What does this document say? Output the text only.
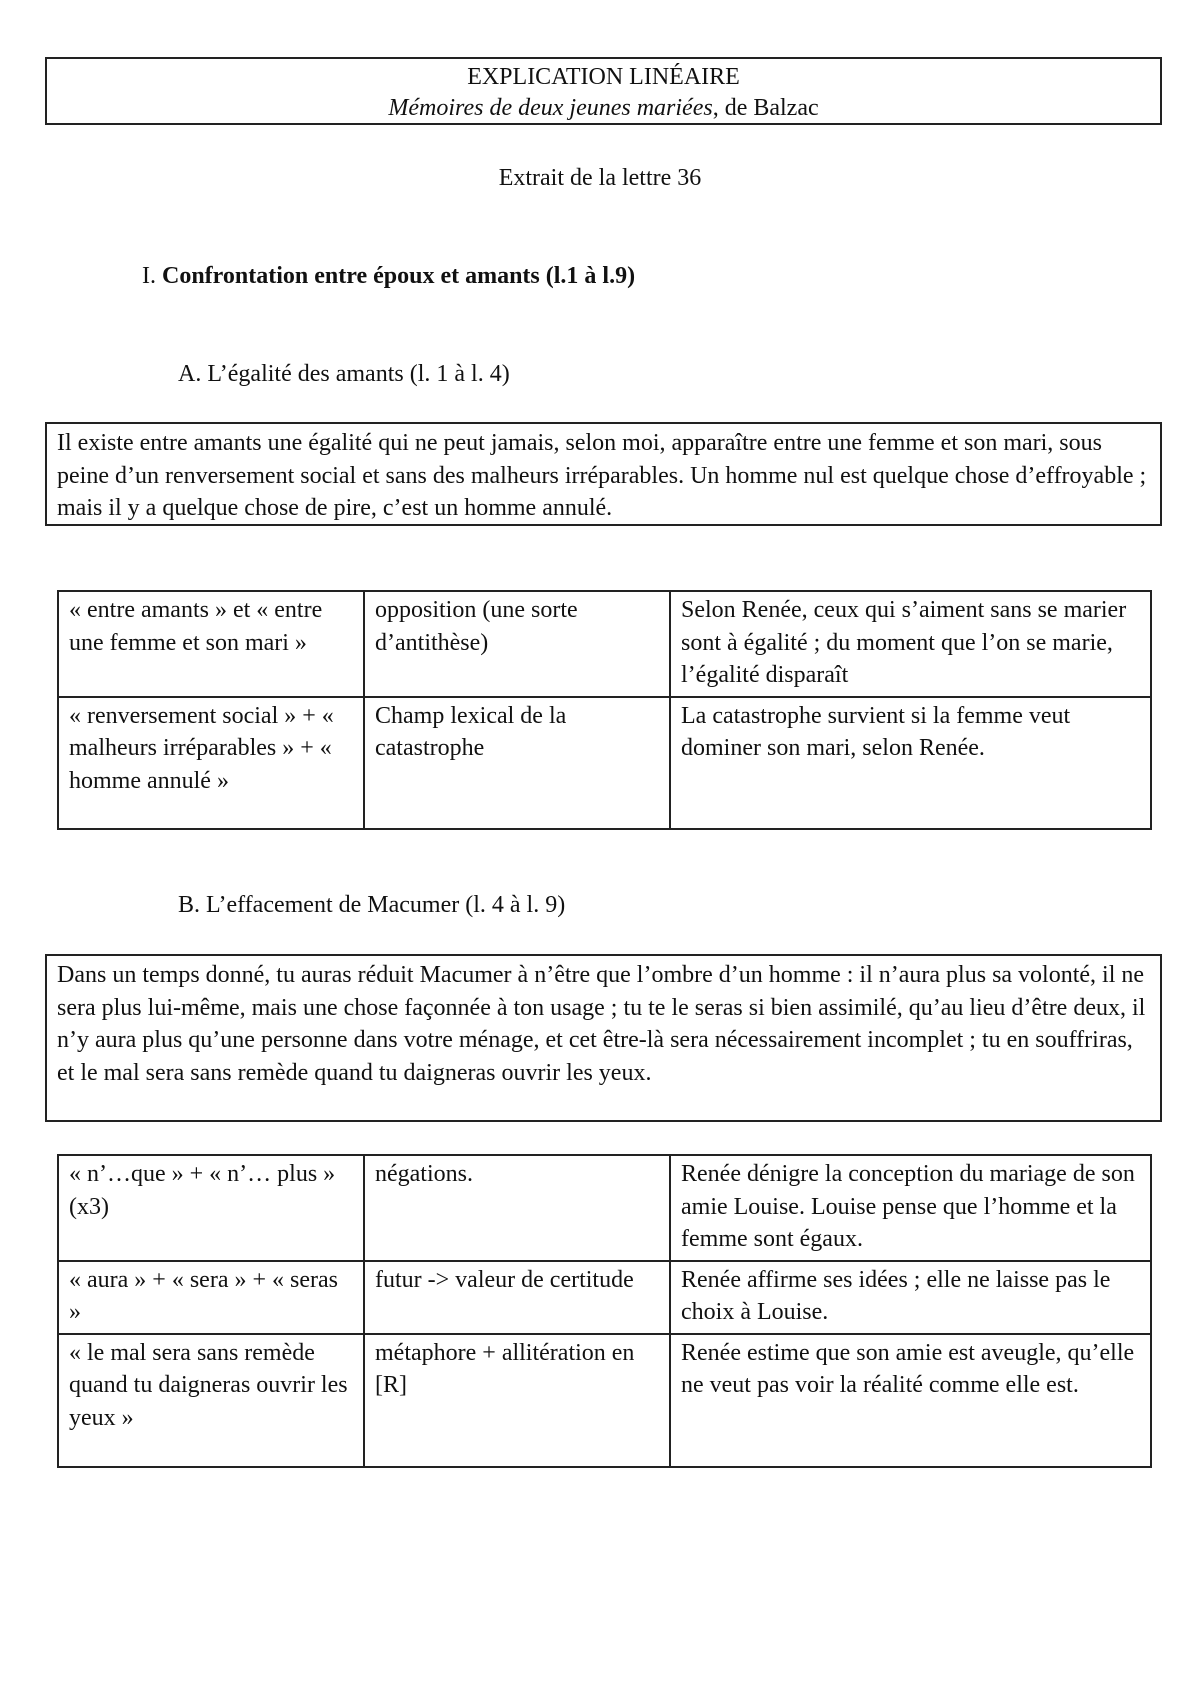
EXPLICATION LINÉAIRE
Mémoires de deux jeunes mariées, de Balzac
Extrait de la lettre 36
I. Confrontation entre époux et amants (l.1 à l.9)
A. L’égalité des amants (l. 1 à l. 4)
Il existe entre amants une égalité qui ne peut jamais, selon moi, apparaître entre une femme et son mari, sous peine d’un renversement social et sans des malheurs irréparables. Un homme nul est quelque chose d’effroyable ; mais il y a quelque chose de pire, c’est un homme annulé.
« entre amants » et « entre une femme et son mari »	opposition (une sorte d’antithèse)	Selon Renée, ceux qui s’aiment sans se marier sont à égalité ; du moment que l’on se marie, l’égalité disparaît
« renversement social » + « malheurs irréparables » + « homme annulé »	Champ lexical de la catastrophe	La catastrophe survient si la femme veut dominer son mari, selon Renée.
B. L’effacement de Macumer (l. 4 à l. 9)
Dans un temps donné, tu auras réduit Macumer à n’être que l’ombre d’un homme : il n’aura plus sa volonté, il ne sera plus lui-même, mais une chose façonnée à ton usage ; tu te le seras si bien assimilé, qu’au lieu d’être deux, il n’y aura plus qu’une personne dans votre ménage, et cet être-là sera nécessairement incomplet ; tu en souffriras, et le mal sera sans remède quand tu daigneras ouvrir les yeux.
« n’…que » + « n’… plus » (x3)	négations.	Renée dénigre la conception du mariage de son amie Louise. Louise pense que l’homme et la femme sont égaux.
« aura » + « sera » + « seras »	futur -> valeur de certitude	Renée affirme ses idées ; elle ne laisse pas le choix à Louise.
« le mal sera sans remède quand tu daigneras ouvrir les yeux »	métaphore + allitération en [R]	Renée estime que son amie est aveugle, qu’elle ne veut pas voir la réalité comme elle est.
